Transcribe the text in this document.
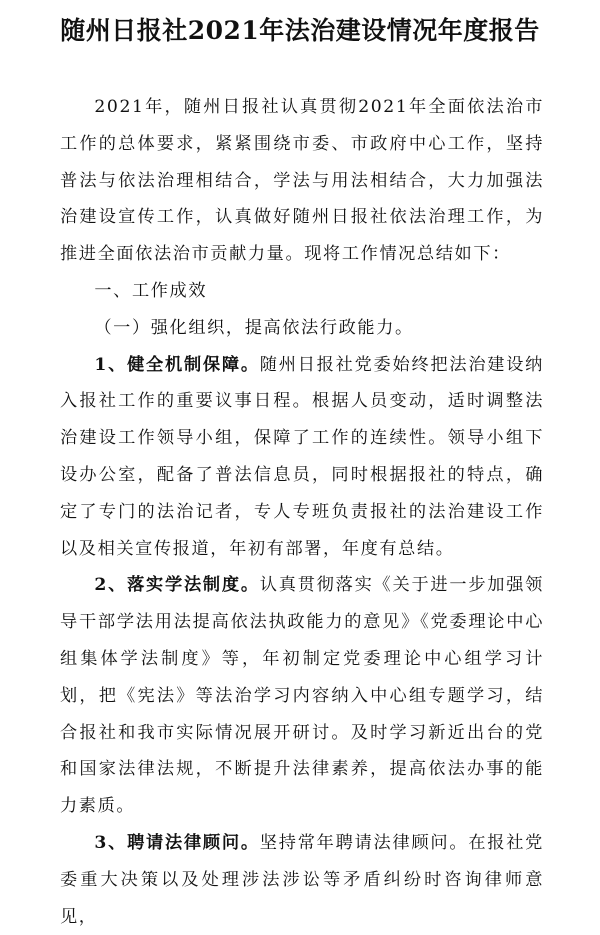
随州日报社2021年法治建设情况年度报告

2021年，随州日报社认真贯彻2021年全面依法治市工作的总体要求，紧紧围绕市委、市政府中心工作，坚持普法与依法治理相结合，学法与用法相结合，大力加强法治建设宣传工作，认真做好随州日报社依法治理工作，为推进全面依法治市贡献力量。现将工作情况总结如下：

一、工作成效

（一）强化组织，提高依法行政能力。

1、健全机制保障。随州日报社党委始终把法治建设纳入报社工作的重要议事日程。根据人员变动，适时调整法治建设工作领导小组，保障了工作的连续性。领导小组下设办公室，配备了普法信息员，同时根据报社的特点，确定了专门的法治记者，专人专班负责报社的法治建设工作以及相关宣传报道，年初有部署，年度有总结。

2、落实学法制度。认真贯彻落实《关于进一步加强领导干部学法用法提高依法执政能力的意见》《党委理论中心组集体学法制度》等，年初制定党委理论中心组学习计划，把《宪法》等法治学习内容纳入中心组专题学习，结合报社和我市实际情况展开研讨。及时学习新近出台的党和国家法律法规，不断提升法律素养，提高依法办事的能力素质。

3、聘请法律顾问。坚持常年聘请法律顾问。在报社党委重大决策以及处理涉法涉讼等矛盾纠纷时咨询律师意见，
